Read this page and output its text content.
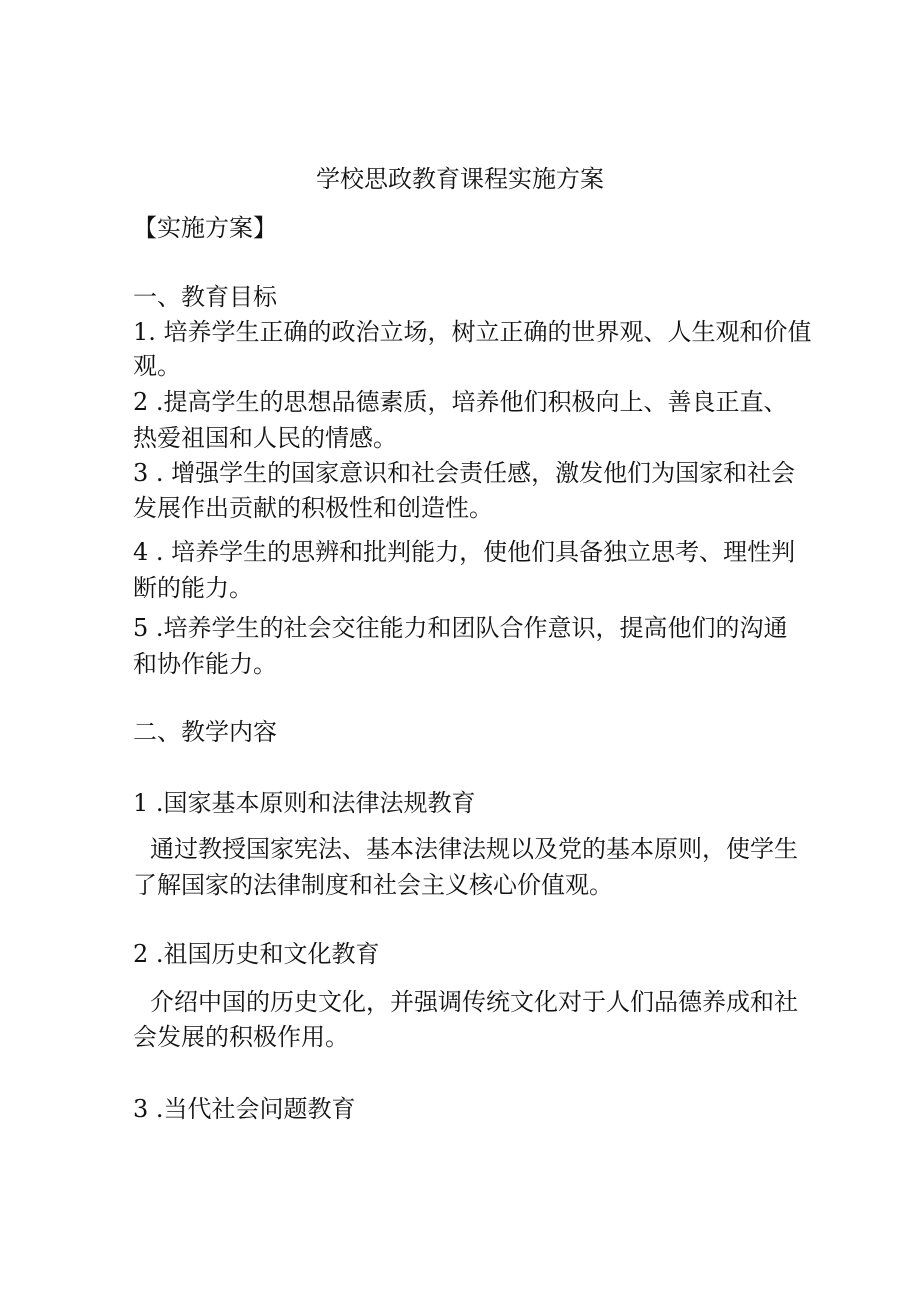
学校思政教育课程实施方案
【实施方案】
一、教育目标
1. 培养学生正确的政治立场，树立正确的世界观、人生观和价值
观。
2 .提高学生的思想品德素质，培养他们积极向上、善良正直、
热爱祖国和人民的情感。
3 . 增强学生的国家意识和社会责任感，激发他们为国家和社会
发展作出贡献的积极性和创造性。
4 . 培养学生的思辨和批判能力，使他们具备独立思考、理性判
断的能力。
5 .培养学生的社会交往能力和团队合作意识，提高他们的沟通
和协作能力。
二、教学内容
1 .国家基本原则和法律法规教育
通过教授国家宪法、基本法律法规以及党的基本原则，使学生
了解国家的法律制度和社会主义核心价值观。
2 .祖国历史和文化教育
介绍中国的历史文化，并强调传统文化对于人们品德养成和社
会发展的积极作用。
3 .当代社会问题教育
